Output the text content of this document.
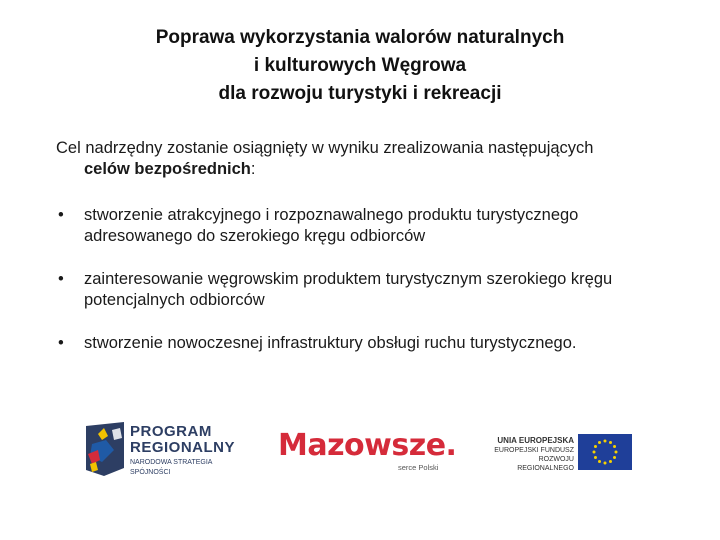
Poprawa wykorzystania walorów naturalnych
i kulturowych Węgrowa
dla rozwoju turystyki i rekreacji
Cel nadrzędny zostanie osiągnięty w wyniku zrealizowania następujących
celów bezpośrednich:
• stworzenie atrakcyjnego i rozpoznawalnego produktu turystycznego adresowanego do szerokiego kręgu odbiorców
• zainteresowanie węgrowskim produktem turystycznym szerokiego kręgu potencjalnych odbiorców
• stworzenie nowoczesnej infrastruktury obsługi ruchu turystycznego.
PROGRAM
REGIONALNY
NARODOWA STRATEGIA SPÓJNOŚCI
Mazowsze.
serce Polski
UNIA EUROPEJSKA
EUROPEJSKI FUNDUSZ
ROZWOJU REGIONALNEGO
